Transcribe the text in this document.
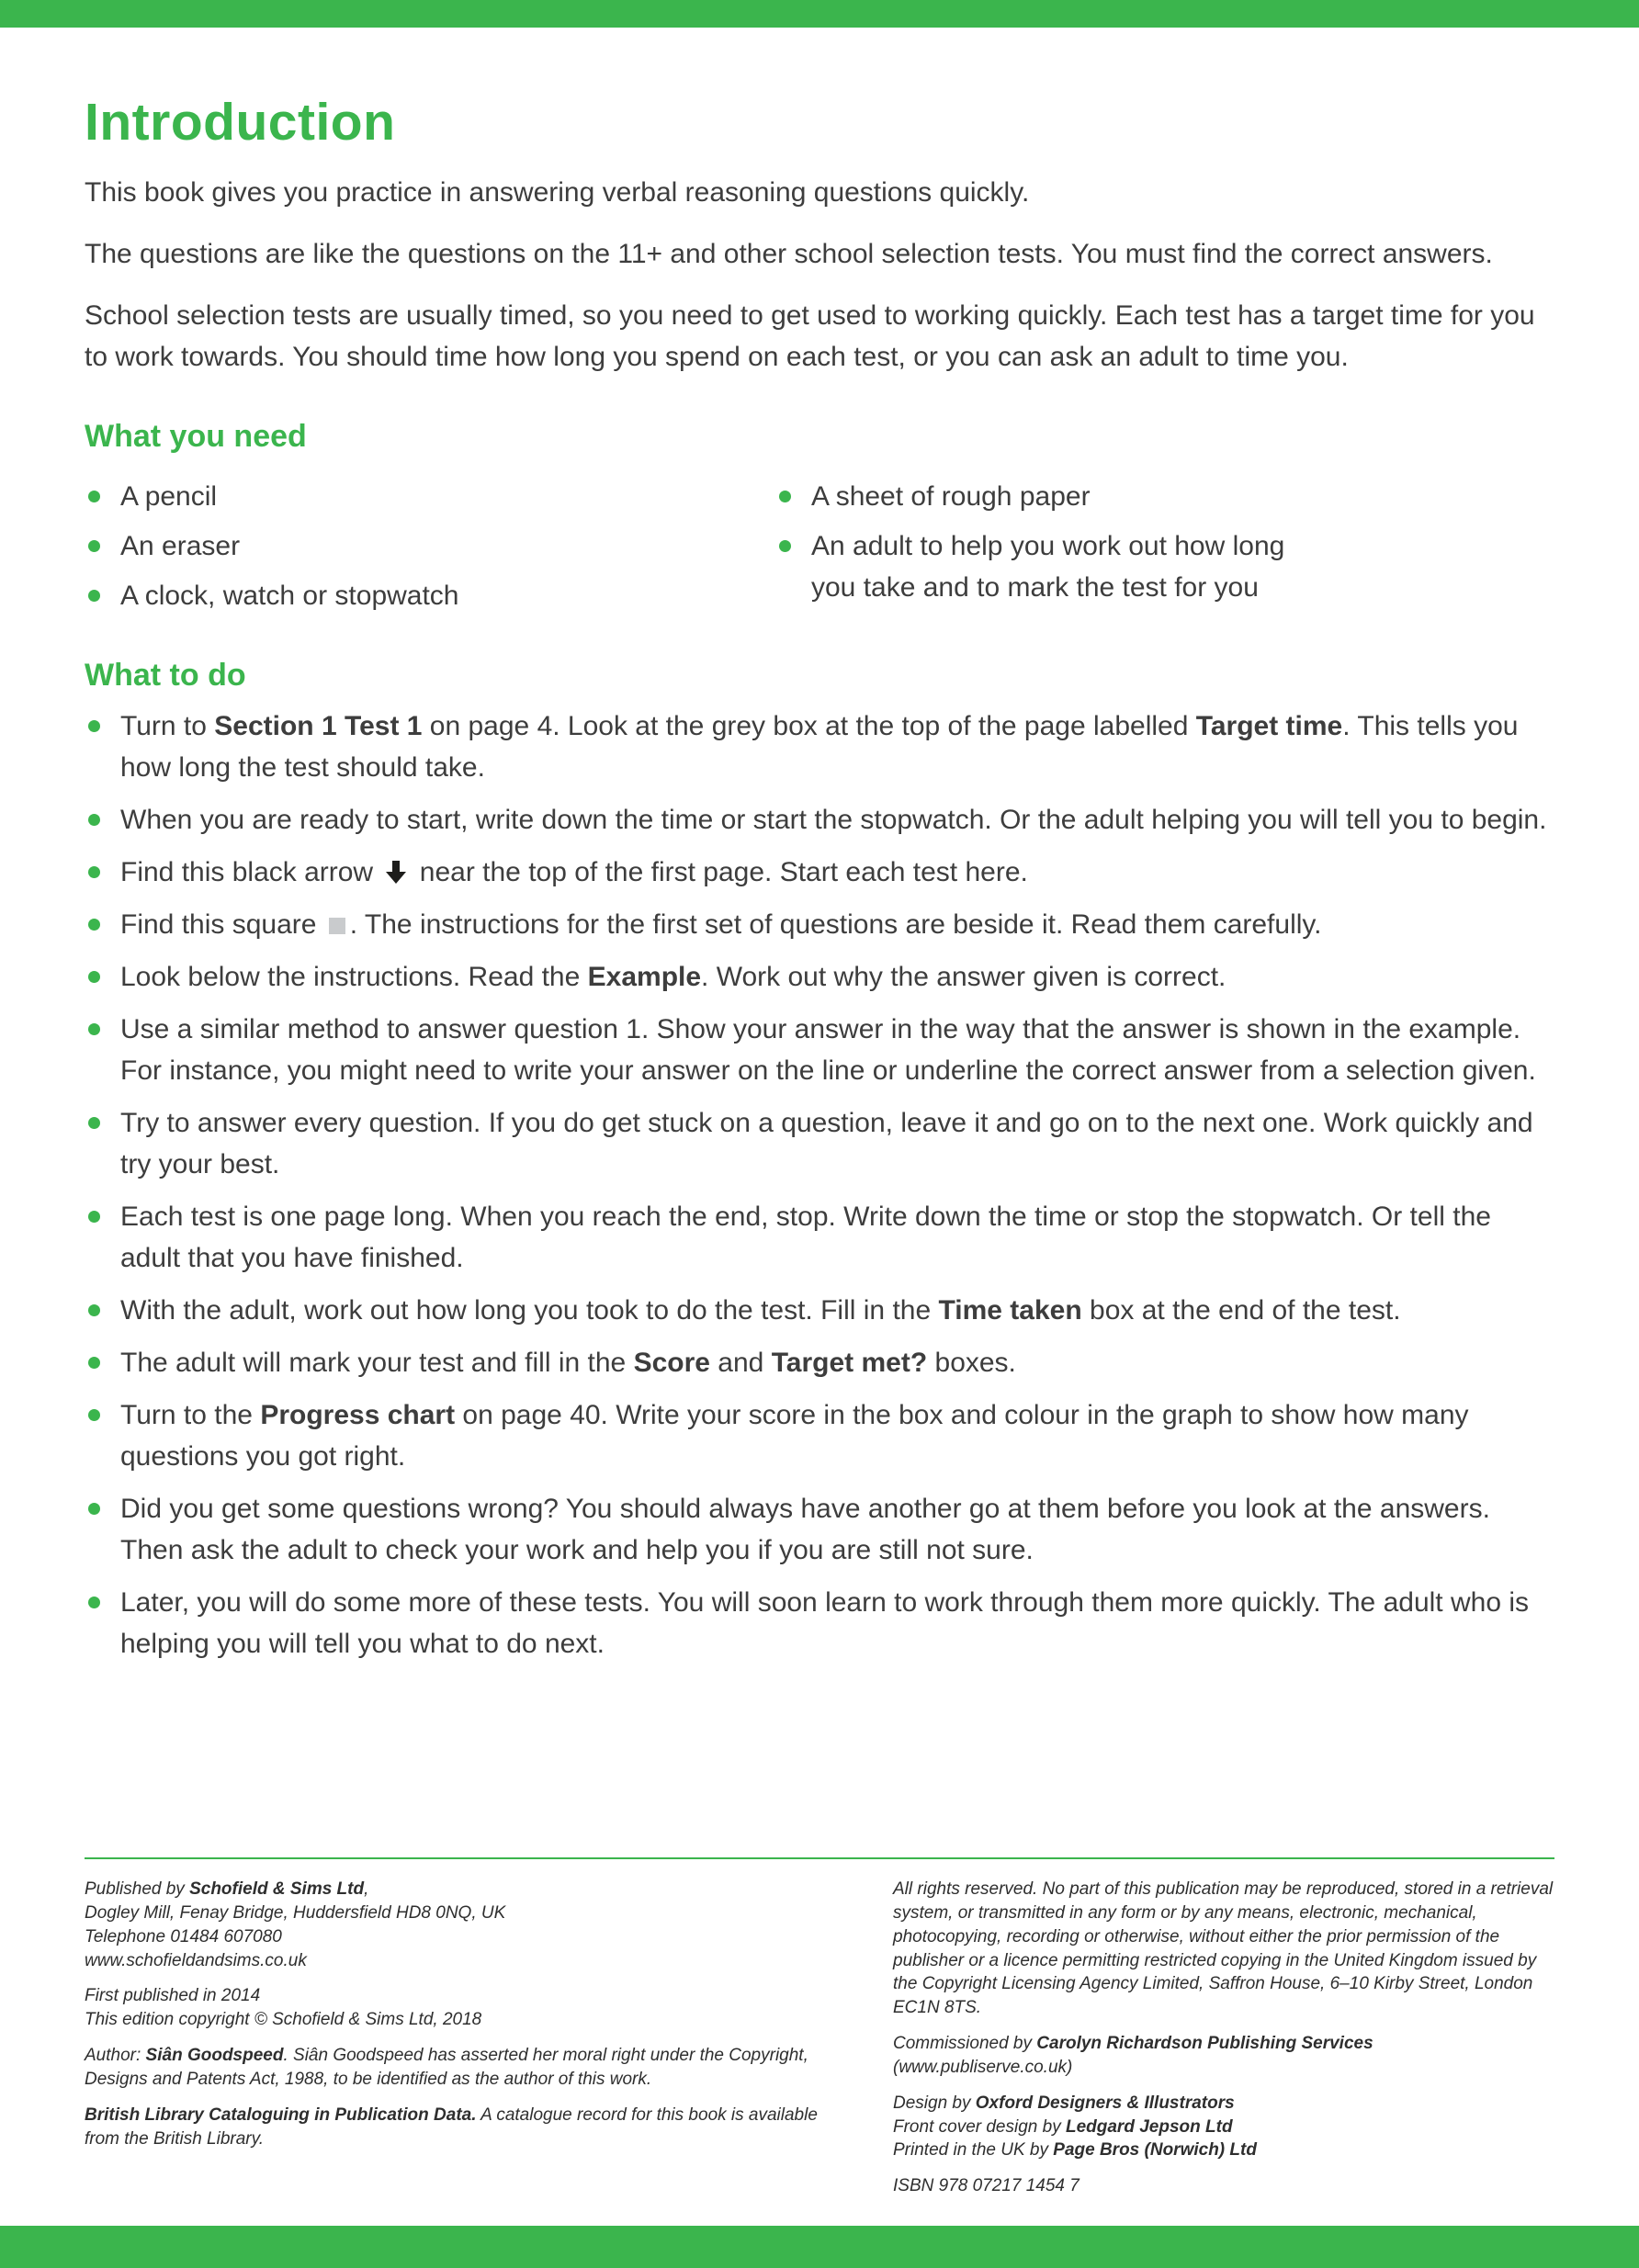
Introduction

This book gives you practice in answering verbal reasoning questions quickly.

The questions are like the questions on the 11+ and other school selection tests. You must find the correct answers.

School selection tests are usually timed, so you need to get used to working quickly. Each test has a target time for you to work towards. You should time how long you spend on each test, or you can ask an adult to time you.

What you need
A pencil
An eraser
A clock, watch or stopwatch
A sheet of rough paper
An adult to help you work out how long you take and to mark the test for you
What to do
Turn to Section 1 Test 1 on page 4. Look at the grey box at the top of the page labelled Target time. This tells you how long the test should take.
When you are ready to start, write down the time or start the stopwatch. Or the adult helping you will tell you to begin.
Find this black arrow  near the top of the first page. Start each test here.
Find this square . The instructions for the first set of questions are beside it. Read them carefully.
Look below the instructions. Read the Example. Work out why the answer given is correct.
Use a similar method to answer question 1. Show your answer in the way that the answer is shown in the example. For instance, you might need to write your answer on the line or underline the correct answer from a selection given.
Try to answer every question. If you do get stuck on a question, leave it and go on to the next one. Work quickly and try your best.
Each test is one page long. When you reach the end, stop. Write down the time or stop the stopwatch. Or tell the adult that you have finished.
With the adult, work out how long you took to do the test. Fill in the Time taken box at the end of the test.
The adult will mark your test and fill in the Score and Target met? boxes.
Turn to the Progress chart on page 40. Write your score in the box and colour in the graph to show how many questions you got right.
Did you get some questions wrong? You should always have another go at them before you look at the answers. Then ask the adult to check your work and help you if you are still not sure.
Later, you will do some more of these tests. You will soon learn to work through them more quickly. The adult who is helping you will tell you what to do next.
Published by Schofield & Sims Ltd,
Dogley Mill, Fenay Bridge, Huddersfield HD8 0NQ, UK
Telephone 01484 607080
www.schofieldandsims.co.uk
First published in 2014
This edition copyright © Schofield & Sims Ltd, 2018
Author: Siân Goodspeed. Siân Goodspeed has asserted her moral right under the Copyright, Designs and Patents Act, 1988, to be identified as the author of this work.
British Library Cataloguing in Publication Data. A catalogue record for this book is available from the British Library.
All rights reserved. No part of this publication may be reproduced, stored in a retrieval system, or transmitted in any form or by any means, electronic, mechanical, photocopying, recording or otherwise, without either the prior permission of the publisher or a licence permitting restricted copying in the United Kingdom issued by the Copyright Licensing Agency Limited, Saffron House, 6–10 Kirby Street, London EC1N 8TS.
Commissioned by Carolyn Richardson Publishing Services (www.publiserve.co.uk)
Design by Oxford Designers & Illustrators
Front cover design by Ledgard Jepson Ltd
Printed in the UK by Page Bros (Norwich) Ltd
ISBN 978 07217 1454 7
